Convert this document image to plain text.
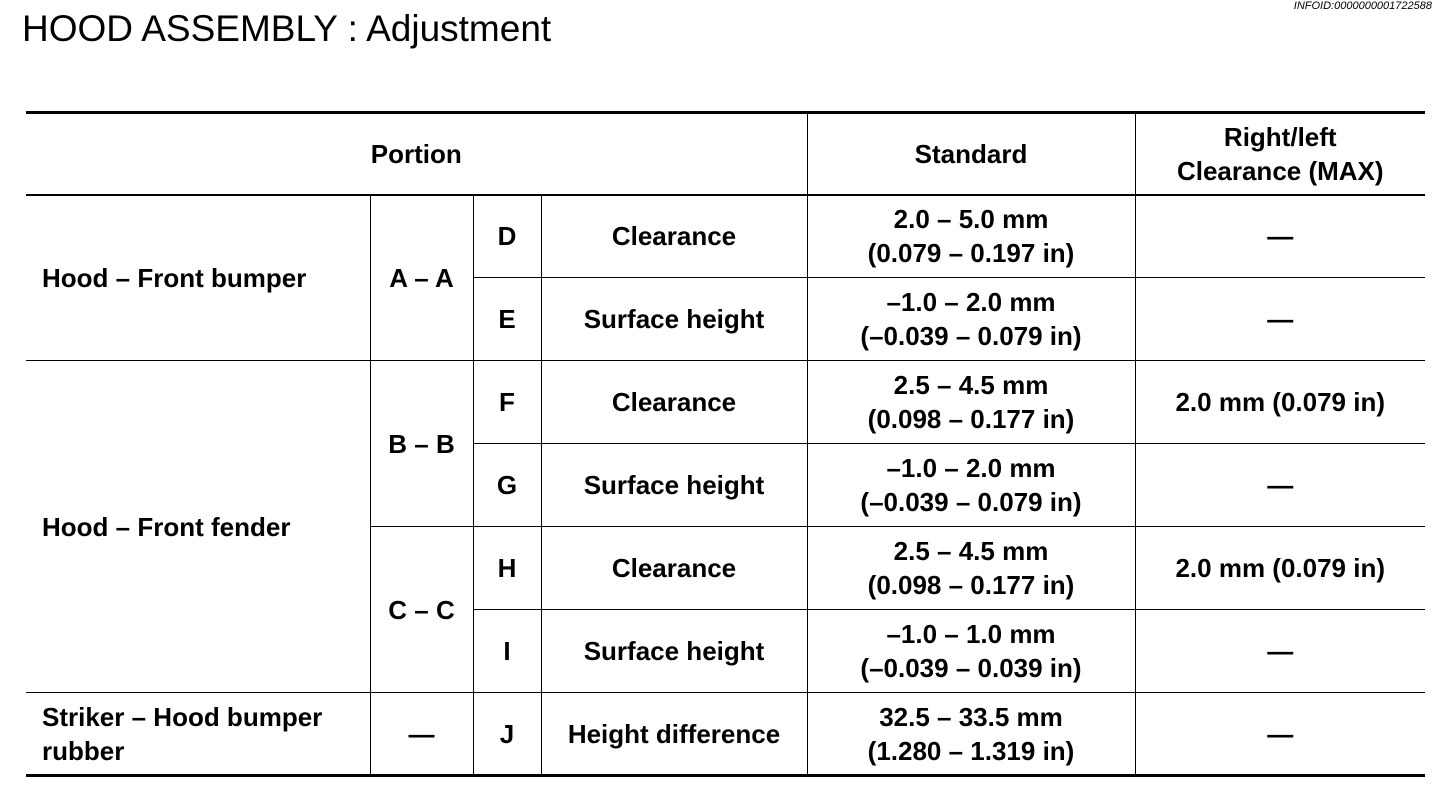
HOOD ASSEMBLY : Adjustment
INFOID:0000000001722588
Portion				Standard	Right/left
Clearance (MAX)
Hood – Front bumper	A – A	D	Clearance	2.0 – 5.0 mm
(0.079 – 0.197 in)	—
		E	Surface height	–1.0 – 2.0 mm
(–0.039 – 0.079 in)	—
Hood – Front fender	B – B	F	Clearance	2.5 – 4.5 mm
(0.098 – 0.177 in)	2.0 mm (0.079 in)
		G	Surface height	–1.0 – 2.0 mm
(–0.039 – 0.079 in)	—
	C – C	H	Clearance	2.5 – 4.5 mm
(0.098 – 0.177 in)	2.0 mm (0.079 in)
		I	Surface height	–1.0 – 1.0 mm
(–0.039 – 0.039 in)	—
Striker – Hood bumper
rubber	—	J	Height difference	32.5 – 33.5 mm
(1.280 – 1.319 in)	—
